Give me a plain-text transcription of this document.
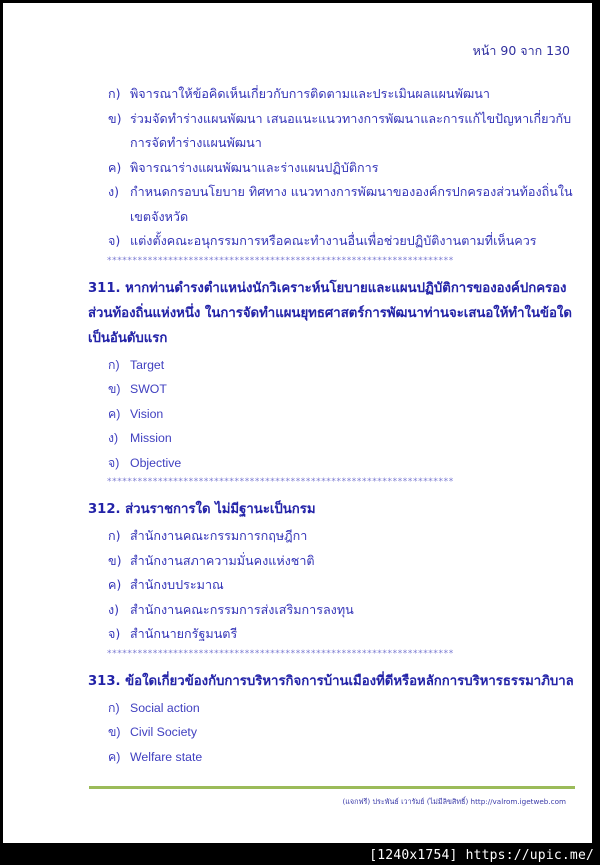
หน้า 90 จาก 130
ก) พิจารณาให้ข้อคิดเห็นเกี่ยวกับการติดตามและประเมินผลแผนพัฒนา
ข) ร่วมจัดทำร่างแผนพัฒนา เสนอแนะแนวทางการพัฒนาและการแก้ไขปัญหาเกี่ยวกับการจัดทำร่างแผนพัฒนา
ค) พิจารณาร่างแผนพัฒนาและร่างแผนปฏิบัติการ
ง) กำหนดกรอบนโยบาย ทิศทาง แนวทางการพัฒนาขององค์กรปกครองส่วนท้องถิ่นในเขตจังหวัด
จ) แต่งตั้งคณะอนุกรรมการหรือคณะทำงานอื่นเพื่อช่วยปฏิบัติงานตามที่เห็นควร
********************************************************************
311. หากท่านดำรงตำแหน่งนักวิเคราะห์นโยบายและแผนปฏิบัติการขององค์ปกครองส่วนท้องถิ่นแห่งหนึ่ง ในการจัดทำแผนยุทธศาสตร์การพัฒนาท่านจะเสนอให้ทำในข้อใดเป็นอันดับแรก
ก) Target
ข) SWOT
ค) Vision
ง) Mission
จ) Objective
********************************************************************
312. ส่วนราชการใด ไม่มีฐานะเป็นกรม
ก) สำนักงานคณะกรรมการกฤษฎีกา
ข) สำนักงานสภาความมั่นคงแห่งชาติ
ค) สำนักงบประมาณ
ง) สำนักงานคณะกรรมการส่งเสริมการลงทุน
จ) สำนักนายกรัฐมนตรี
********************************************************************
313. ข้อใดเกี่ยวข้องกับการบริหารกิจการบ้านเมืองที่ดีหรือหลักการบริหารธรรมาภิบาล
ก) Social action
ข) Civil Society
ค) Welfare state
(แจกฟรี) ประพันธ์ เวารัมย์ (ไม่มีลิขสิทธิ์) http://valrom.igetweb.com
[1240x1754] https://upic.me/
